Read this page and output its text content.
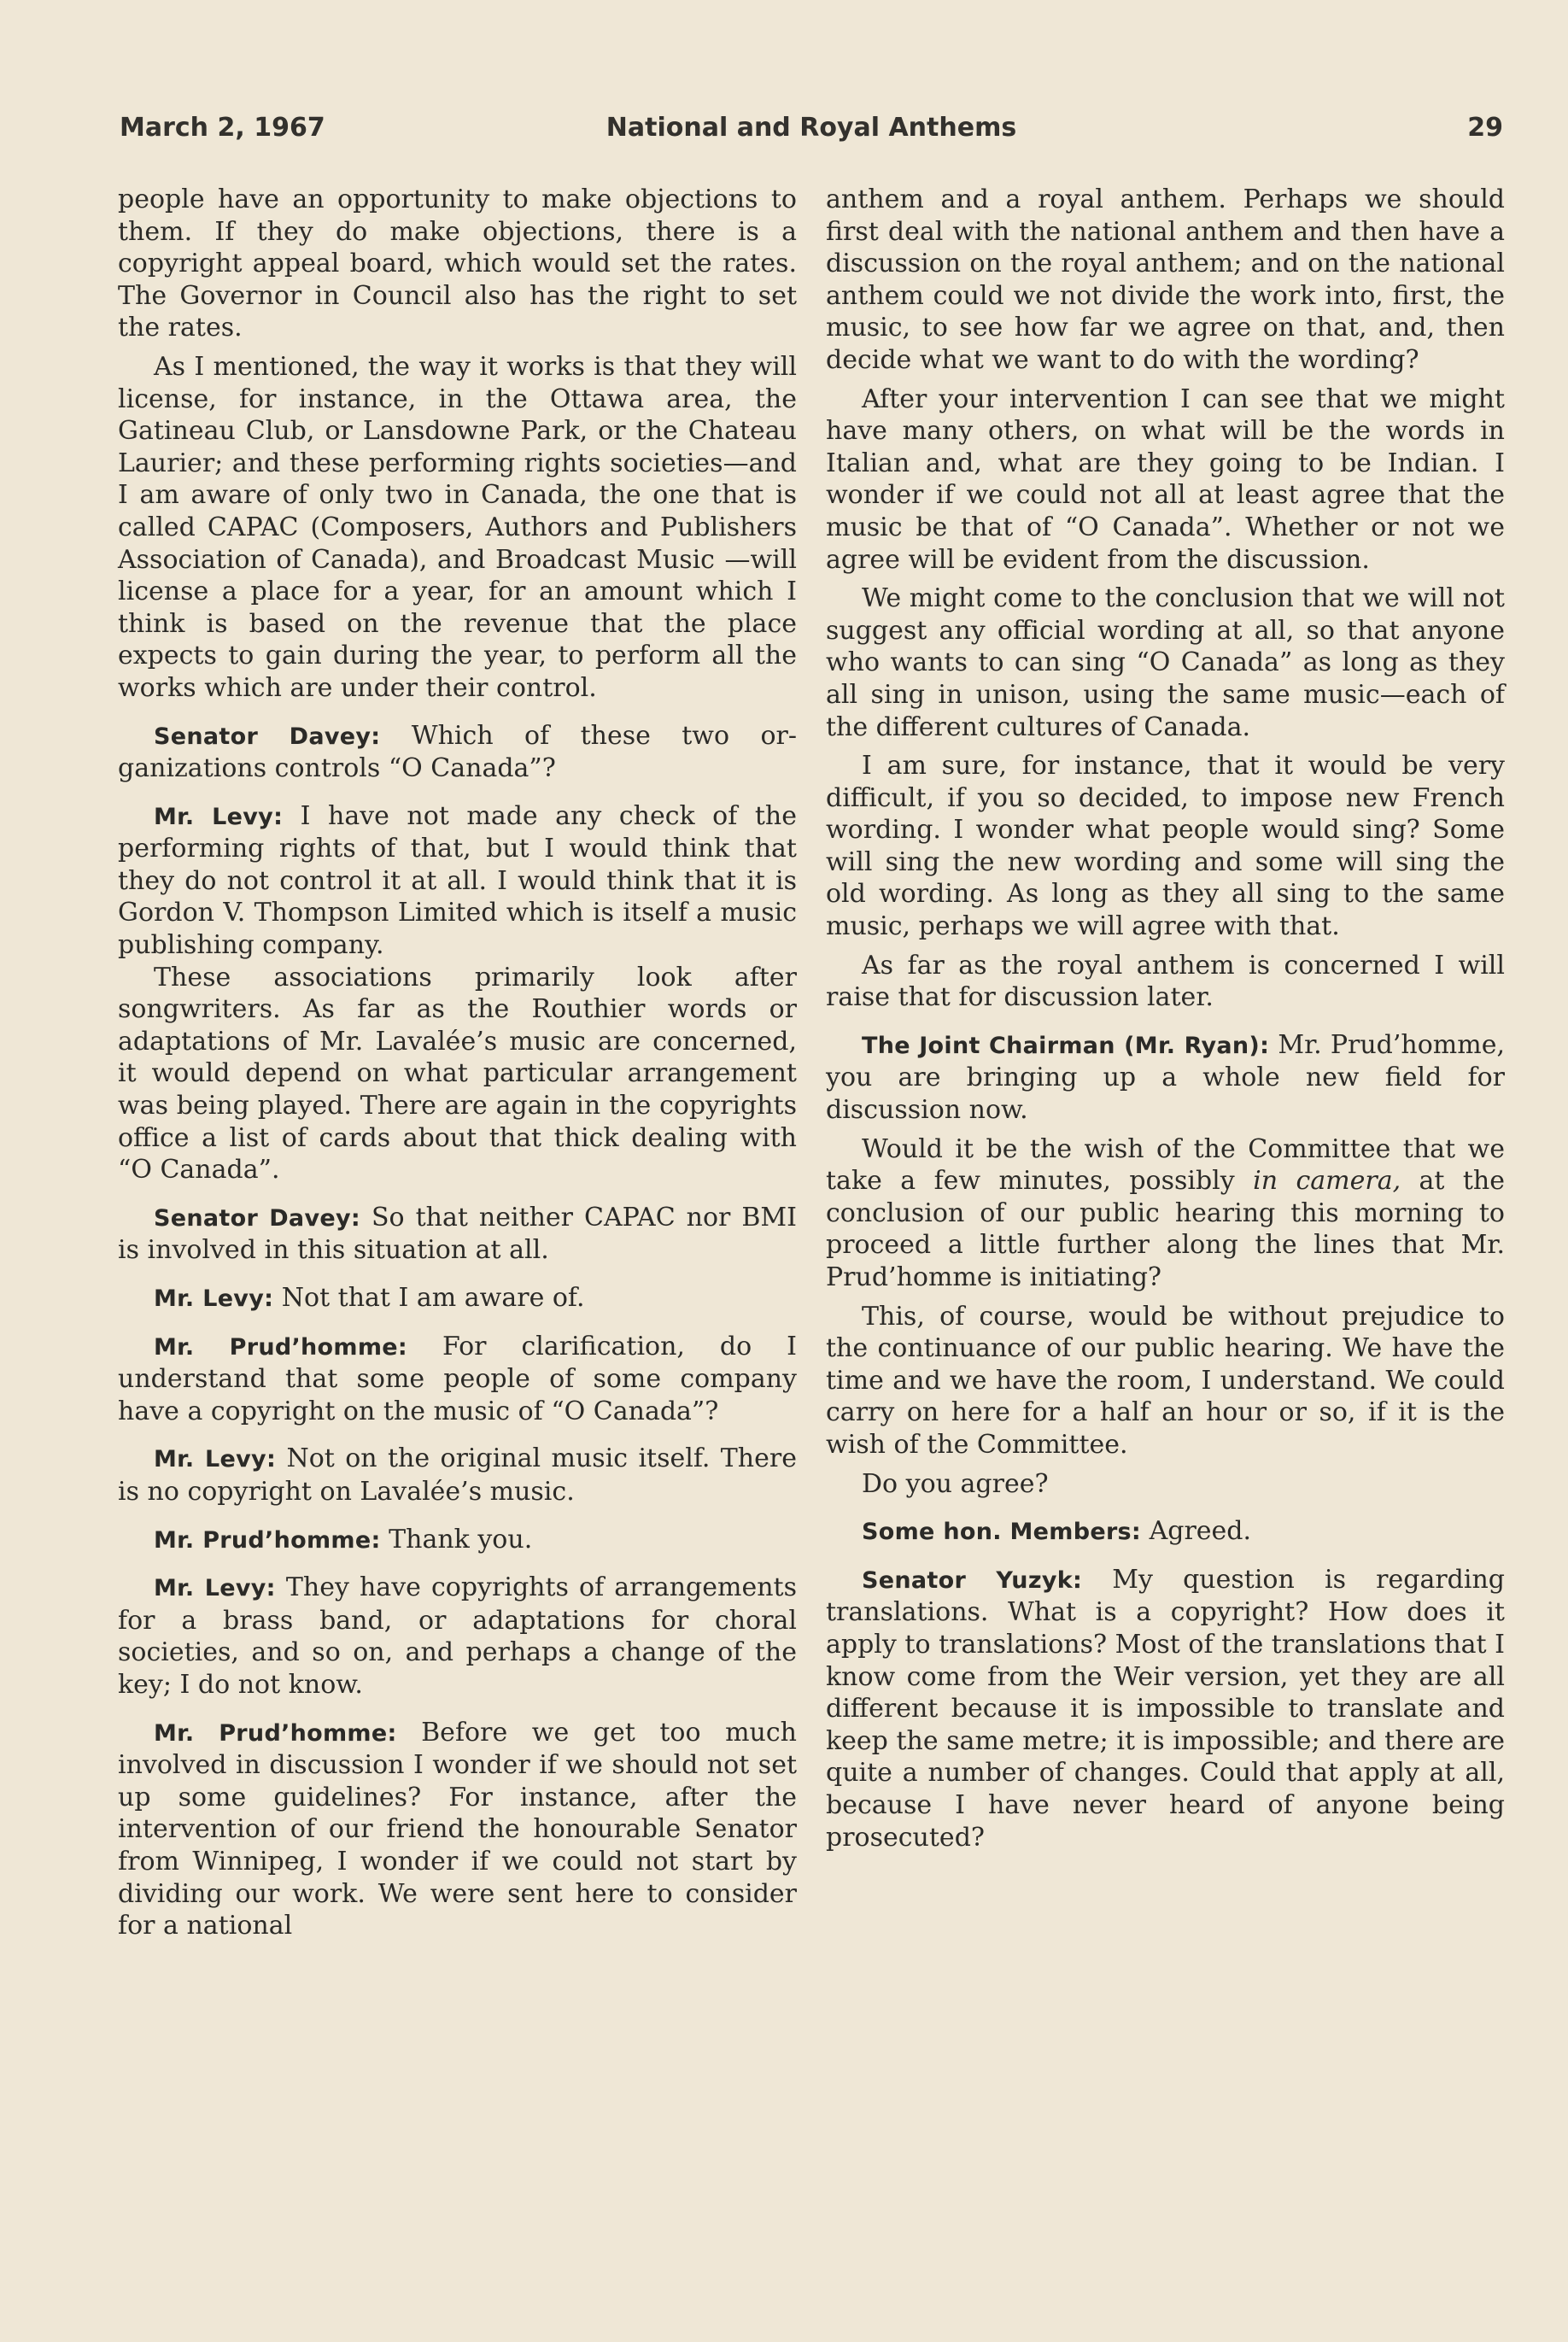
March 2, 1967	National and Royal Anthems	29

people have an opportunity to make objections to them. If they do make objections, there is a copyright appeal board, which would set the rates. The Governor in Council also has the right to set the rates.

As I mentioned, the way it works is that they will license, for instance, in the Ottawa area, the Gatineau Club, or Lansdowne Park, or the Chateau Laurier; and these performing rights societies—and I am aware of only two in Canada, the one that is called CAPAC (Composers, Authors and Publishers Association of Canada), and Broadcast Music —will license a place for a year, for an amount which I think is based on the revenue that the place expects to gain during the year, to perform all the works which are under their control.

Senator Davey: Which of these two organizations controls “O Canada”?

Mr. Levy: I have not made any check of the performing rights of that, but I would think that they do not control it at all. I would think that it is Gordon V. Thompson Limited which is itself a music publishing company.

These associations primarily look after songwriters. As far as the Routhier words or adaptations of Mr. Lavalée’s music are concerned, it would depend on what particular arrangement was being played. There are again in the copyrights office a list of cards about that thick dealing with “O Canada”.

Senator Davey: So that neither CAPAC nor BMI is involved in this situation at all.

Mr. Levy: Not that I am aware of.

Mr. Prud’homme: For clarification, do I understand that some people of some company have a copyright on the music of “O Canada”?

Mr. Levy: Not on the original music itself. There is no copyright on Lavalée’s music.

Mr. Prud’homme: Thank you.

Mr. Levy: They have copyrights of arrangements for a brass band, or adaptations for choral societies, and so on, and perhaps a change of the key; I do not know.

Mr. Prud’homme: Before we get too much involved in discussion I wonder if we should not set up some guidelines? For instance, after the intervention of our friend the honourable Senator from Winnipeg, I wonder if we could not start by dividing our work. We were sent here to consider for a national

anthem and a royal anthem. Perhaps we should first deal with the national anthem and then have a discussion on the royal anthem; and on the national anthem could we not divide the work into, first, the music, to see how far we agree on that, and, then decide what we want to do with the wording?

After your intervention I can see that we might have many others, on what will be the words in Italian and, what are they going to be Indian. I wonder if we could not all at least agree that the music be that of “O Canada”. Whether or not we agree will be evident from the discussion.

We might come to the conclusion that we will not suggest any official wording at all, so that anyone who wants to can sing “O Canada” as long as they all sing in unison, using the same music—each of the different cultures of Canada.

I am sure, for instance, that it would be very difficult, if you so decided, to impose new French wording. I wonder what people would sing? Some will sing the new wording and some will sing the old wording. As long as they all sing to the same music, perhaps we will agree with that.

As far as the royal anthem is concerned I will raise that for discussion later.

The Joint Chairman (Mr. Ryan): Mr. Prud’homme, you are bringing up a whole new field for discussion now.

Would it be the wish of the Committee that we take a few minutes, possibly in camera, at the conclusion of our public hearing this morning to proceed a little further along the lines that Mr. Prud’homme is initiating?

This, of course, would be without prejudice to the continuance of our public hearing. We have the time and we have the room, I understand. We could carry on here for a half an hour or so, if it is the wish of the Committee.

Do you agree?

Some hon. Members: Agreed.

Senator Yuzyk: My question is regarding translations. What is a copyright? How does it apply to translations? Most of the translations that I know come from the Weir version, yet they are all different because it is impossible to translate and keep the same metre; it is impossible; and there are quite a number of changes. Could that apply at all, because I have never heard of anyone being prosecuted?
